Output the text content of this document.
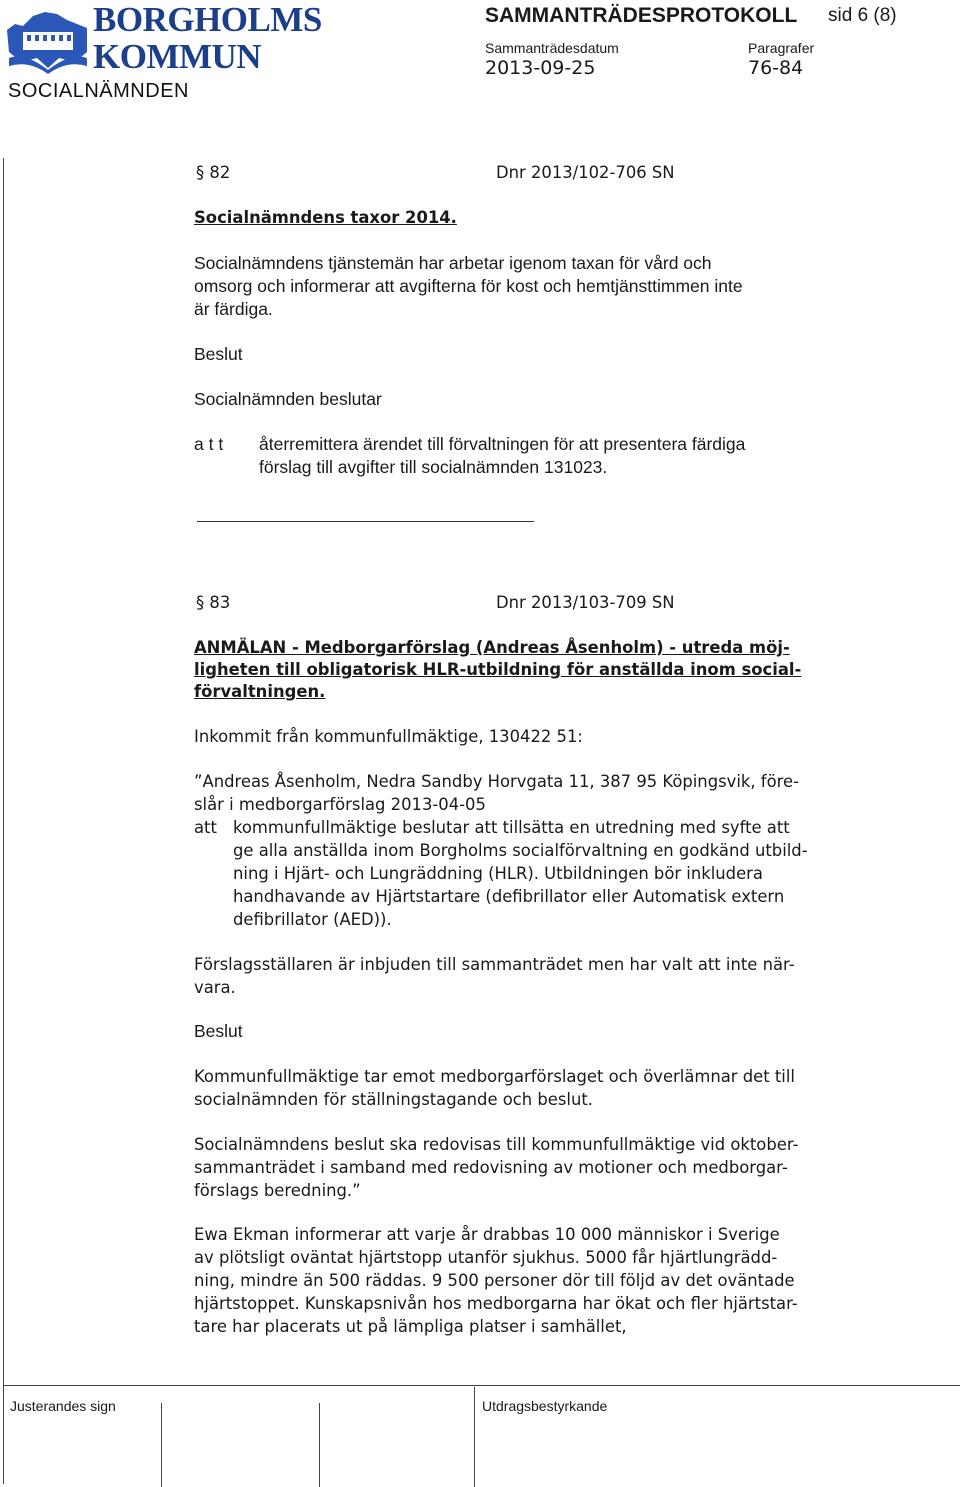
BORGHOLMS
KOMMUN
SOCIALNÄMNDEN
SAMMANTRÄDESPROTOKOLL sid 6 (8)
Sammanträdesdatum	Paragrafer
2013-09-25	76-84
§ 82	Dnr 2013/102-706 SN
Socialnämndens taxor 2014.
Socialnämndens tjänstemän har arbetar igenom taxan för vård och
omsorg och informerar att avgifterna för kost och hemtjänsttimmen inte
är färdiga.
Beslut
Socialnämnden beslutar
a t t återremittera ärendet till förvaltningen för att presentera färdiga
förslag till avgifter till socialnämnden 131023.
§ 83	Dnr 2013/103-709 SN
ANMÄLAN - Medborgarförslag (Andreas Åsenholm) - utreda möj-
ligheten till obligatorisk HLR-utbildning för anställda inom social-
förvaltningen.
Inkommit från kommunfullmäktige, 130422 51:
”Andreas Åsenholm, Nedra Sandby Horvgata 11, 387 95 Köpingsvik, före-
slår i medborgarförslag 2013-04-05
att kommunfullmäktige beslutar att tillsätta en utredning med syfte att
ge alla anställda inom Borgholms socialförvaltning en godkänd utbild-
ning i Hjärt- och Lungräddning (HLR). Utbildningen bör inkludera
handhavande av Hjärtstartare (defibrillator eller Automatisk extern
defibrillator (AED)).
Förslagsställaren är inbjuden till sammanträdet men har valt att inte när-
vara.
Beslut
Kommunfullmäktige tar emot medborgarförslaget och överlämnar det till
socialnämnden för ställningstagande och beslut.
Socialnämndens beslut ska redovisas till kommunfullmäktige vid oktober-
sammanträdet i samband med redovisning av motioner och medborgar-
förslags beredning.”
Ewa Ekman informerar att varje år drabbas 10 000 människor i Sverige
av plötsligt oväntat hjärtstopp utanför sjukhus. 5000 får hjärtlungrädd-
ning, mindre än 500 räddas. 9 500 personer dör till följd av det oväntade
hjärtstoppet. Kunskapsnivån hos medborgarna har ökat och fler hjärtstar-
tare har placerats ut på lämpliga platser i samhället,
Justerandes sign	Utdragsbestyrkande
